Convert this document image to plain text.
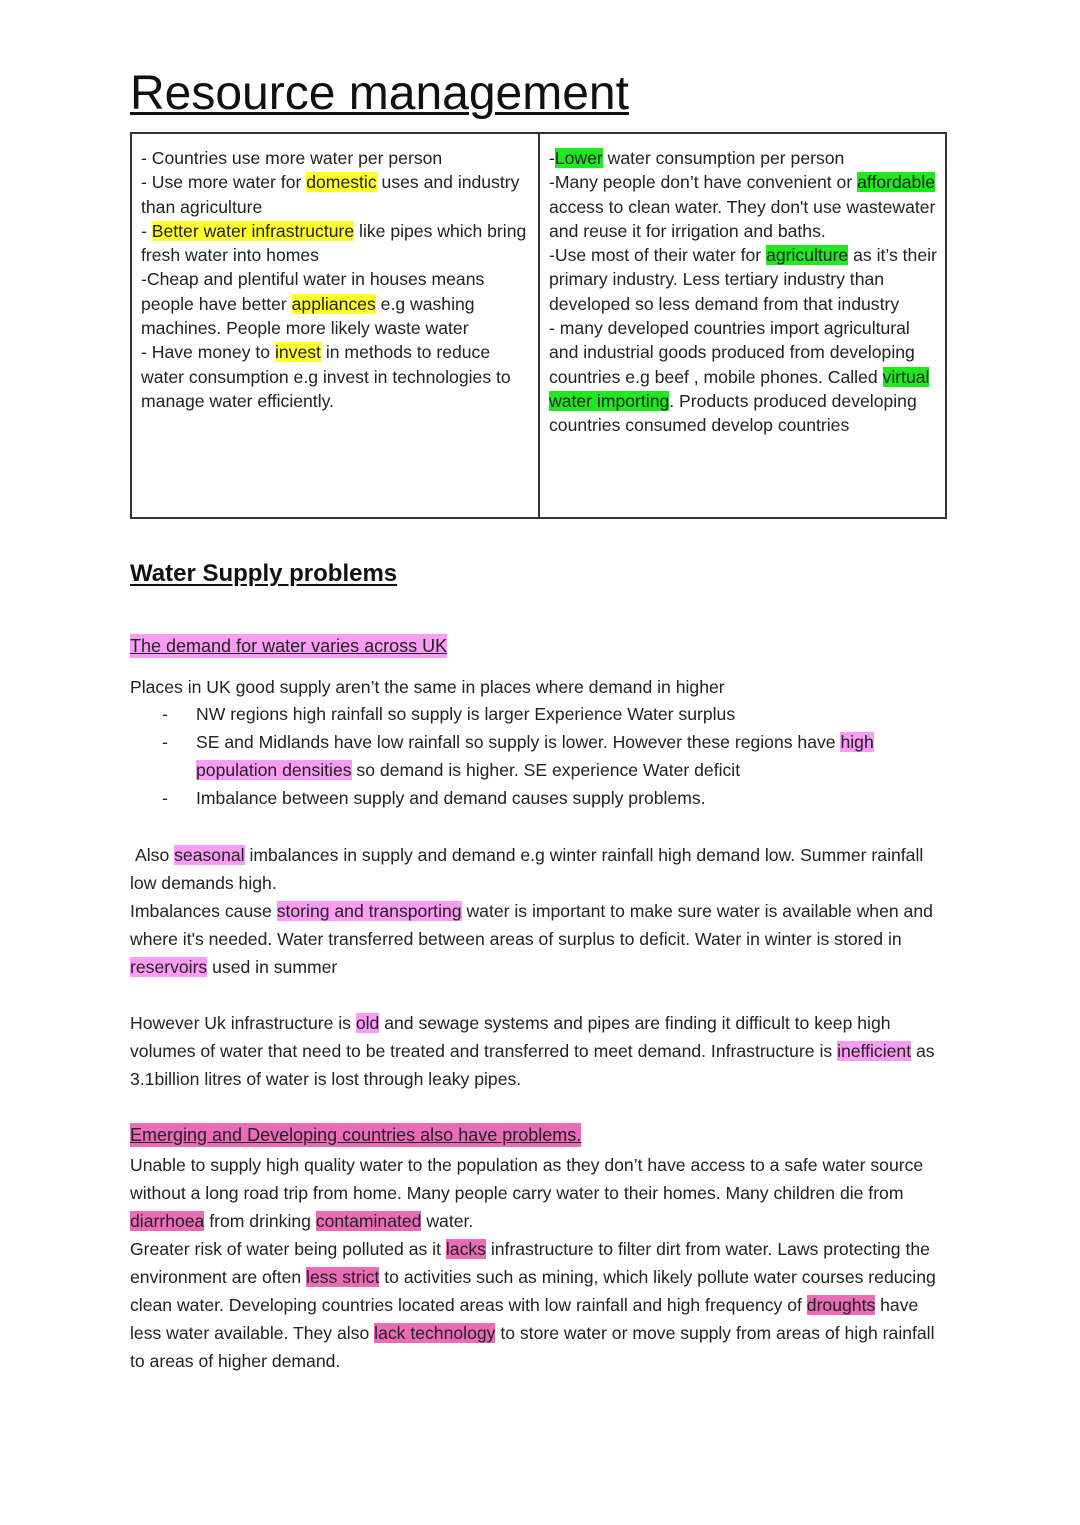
Resource management

- Countries use more water per person

- Use more water for domestic uses and industry than agriculture

- Better water infrastructure like pipes which bring fresh water into homes

-Cheap and plentiful water in houses means people have better appliances e.g washing machines. People more likely waste water

- Have money to invest in methods to reduce water consumption e.g invest in technologies to manage water efficiently.

-Lower water consumption per person

-Many people don’t have convenient or affordable access to clean water. They don't use wastewater and reuse it for irrigation and baths.

-Use most of their water for agriculture as it’s their primary industry. Less tertiary industry than developed so less demand from that industry

- many developed countries import agricultural and industrial goods produced from developing countries e.g beef , mobile phones. Called virtual water importing. Products produced developing countries consumed develop countries

Water Supply problems
The demand for water varies across UK
Places in UK good supply aren’t the same in places where demand in higher
- NW regions high rainfall so supply is larger Experience Water surplus
- SE and Midlands have low rainfall so supply is lower. However these regions have high population densities so demand is higher. SE experience Water deficit
- Imbalance between supply and demand causes supply problems.

Also seasonal imbalances in supply and demand e.g winter rainfall high demand low. Summer rainfall low demands high.

Imbalances cause storing and transporting water is important to make sure water is available when and where it's needed. Water transferred between areas of surplus to deficit. Water in winter is stored in reservoirs used in summer

However Uk infrastructure is old and sewage systems and pipes are finding it difficult to keep high volumes of water that need to be treated and transferred to meet demand. Infrastructure is inefficient as 3.1billion litres of water is lost through leaky pipes.

Emerging and Developing countries also have problems.

Unable to supply high quality water to the population as they don’t have access to a safe water source without a long road trip from home. Many people carry water to their homes. Many children die from diarrhoea from drinking contaminated water.

Greater risk of water being polluted as it lacks infrastructure to filter dirt from water. Laws protecting the environment are often less strict to activities such as mining, which likely pollute water courses reducing clean water. Developing countries located areas with low rainfall and high frequency of droughts have less water available. They also lack technology to store water or move supply from areas of high rainfall to areas of higher demand.
